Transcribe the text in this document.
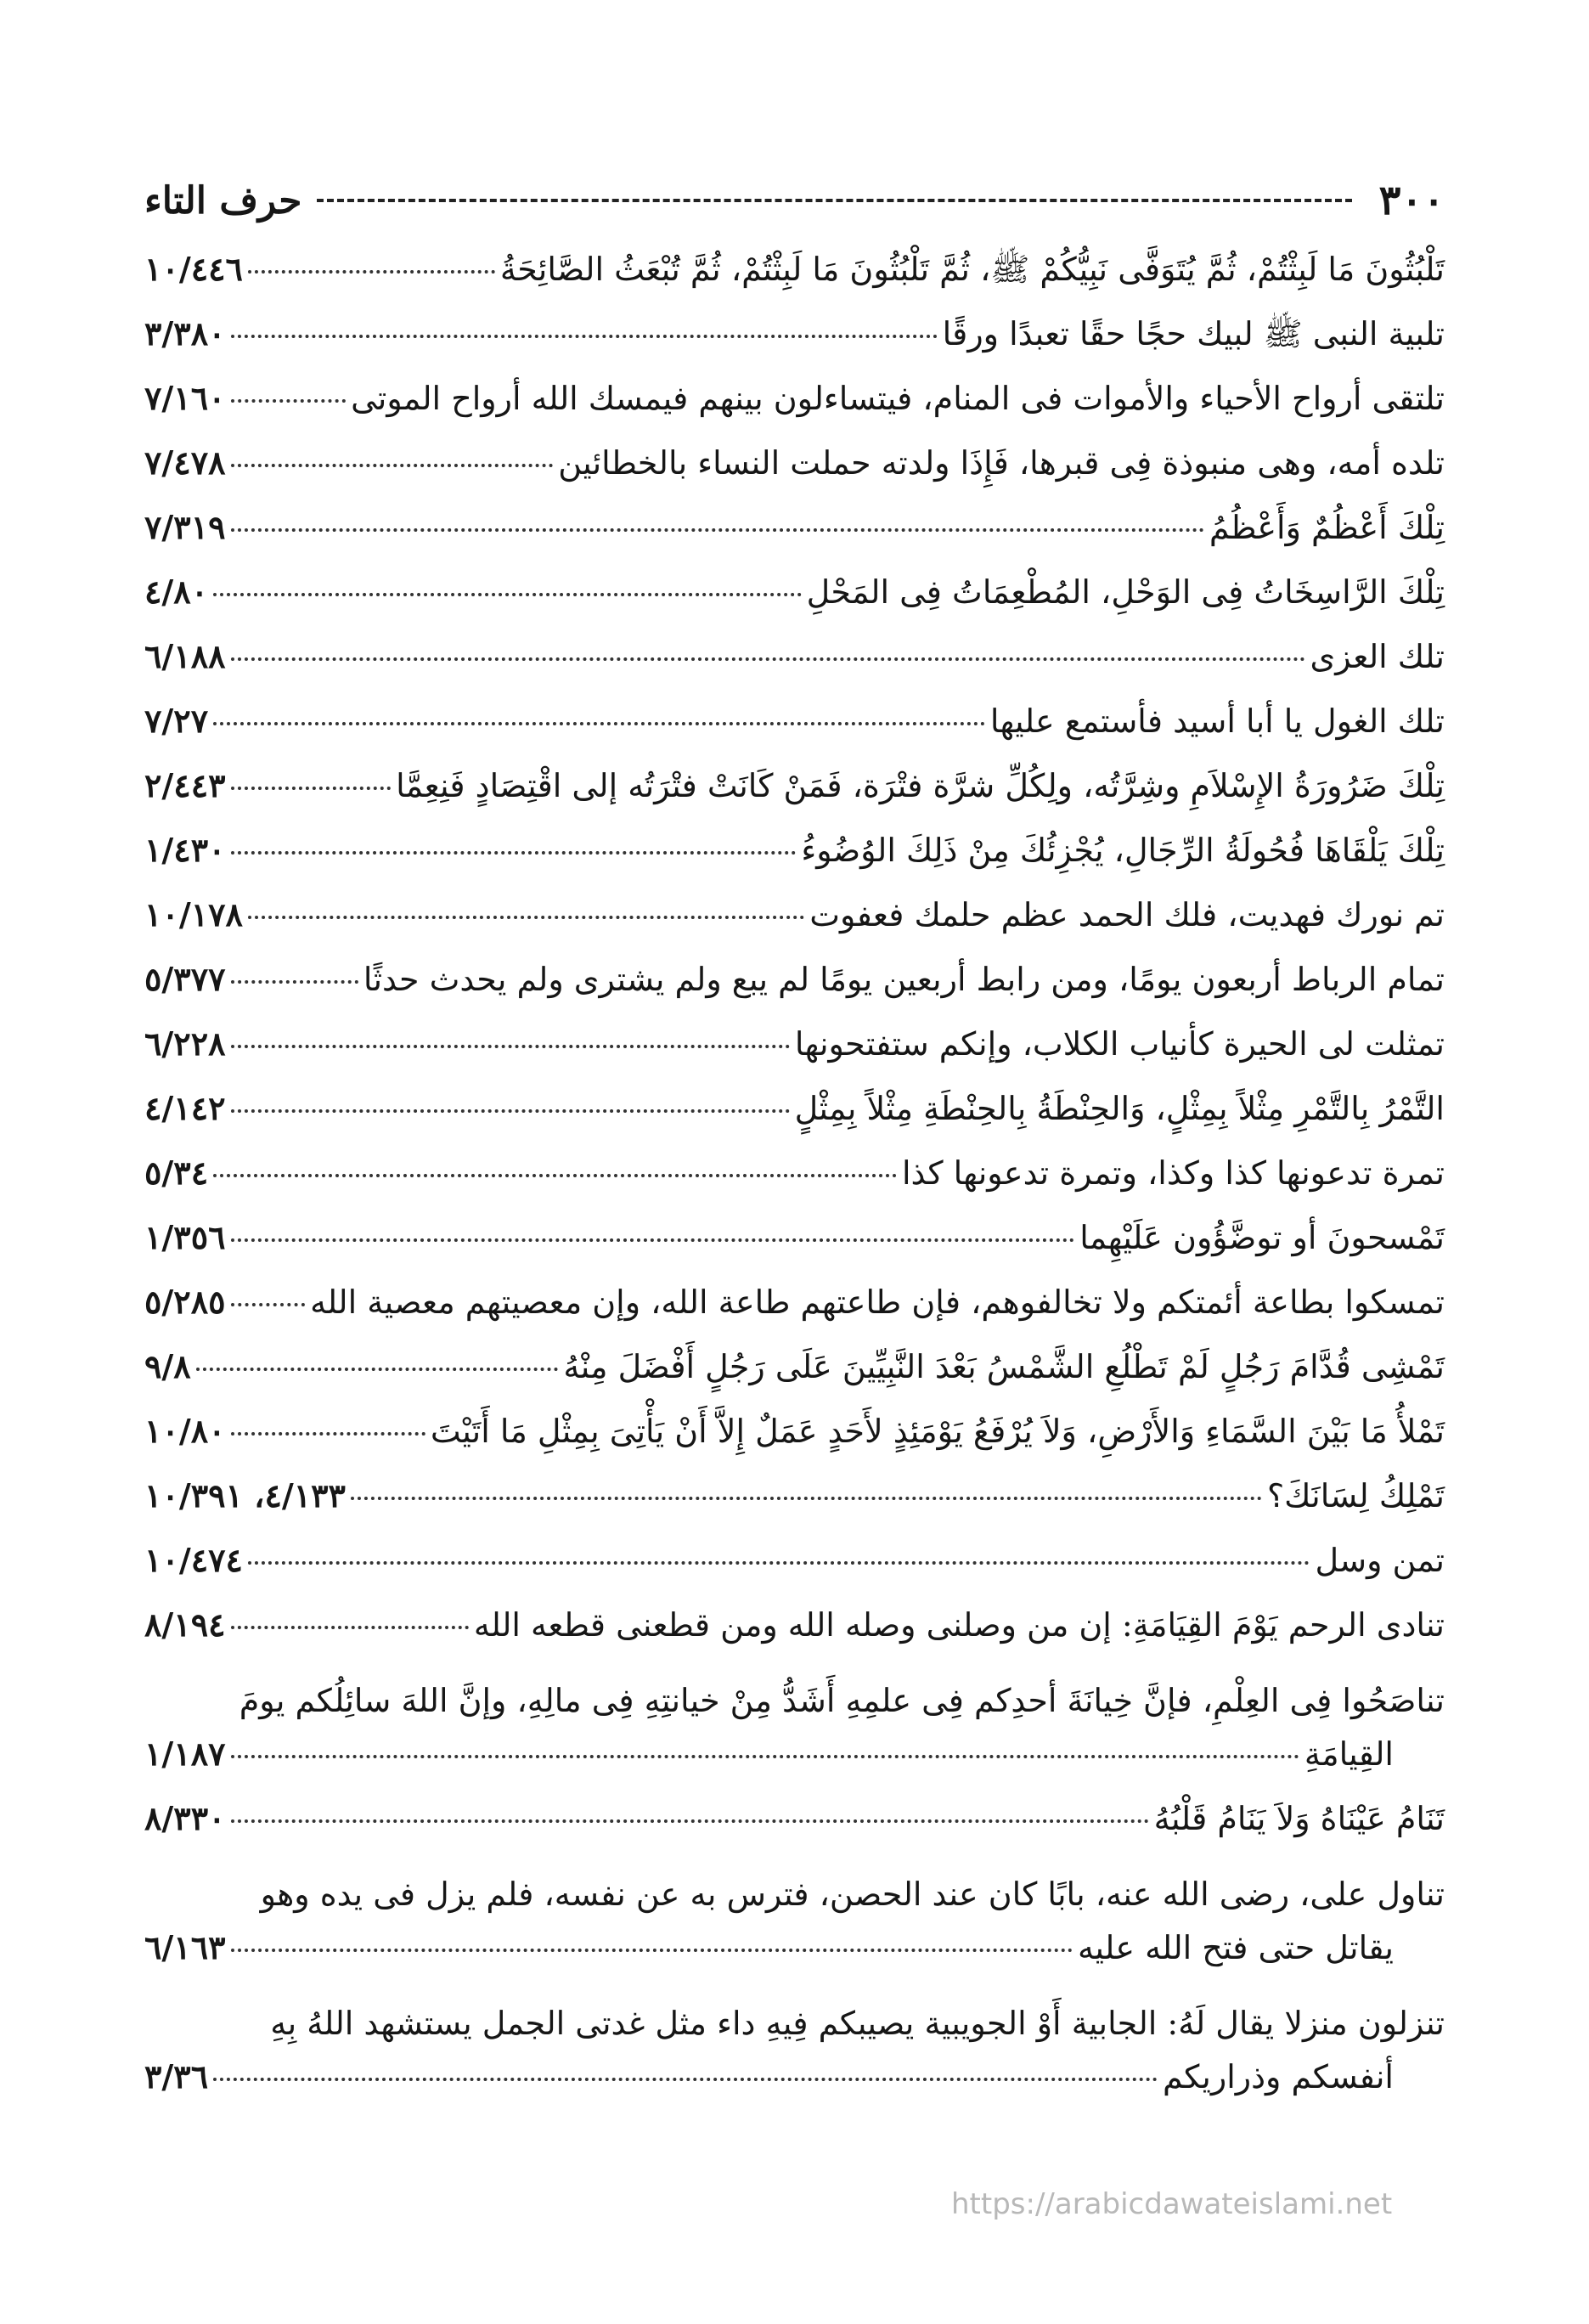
٣٠٠
حرف التاء
تَلْبُثُونَ مَا لَبِثْتُمْ، ثُمَّ يُتَوَفَّى نَبِيُّكُمْ ﷺ، ثُمَّ تَلْبُثُونَ مَا لَبِثْتُمْ، ثُمَّ تُبْعَثُ الصَّائِحَةُ
١٠/٤٤٦
تلبية النبى ﷺ لبيك حجًا حقًا تعبدًا ورقًا
٣/٣٨٠
تلتقى أرواح الأحياء والأموات فى المنام، فيتساءلون بينهم فيمسك الله أرواح الموتى
٧/١٦٠
تلده أمه، وهى منبوذة فِى قبرها، فَإِذَا ولدته حملت النساء بالخطائين
٧/٤٧٨
تِلْكَ أَعْظُمٌ وَأَعْظُمُ
٧/٣١٩
تِلْكَ الرَّاسِخَاتُ فِى الوَحْلِ، المُطْعِمَاتُ فِى المَحْلِ
٤/٨٠
تلك العزى
٦/١٨٨
تلك الغول يا أبا أسيد فأستمع عليها
٧/٢٧
تِلْكَ ضَرُورَةُ الإِسْلاَمِ وشِرَّتُه، ولِكُلِّ شرَّة فتْرَة، فَمَنْ كَانَتْ فتْرَتُه إلى اقْتِصَادٍ فَنِعِمَّا
٢/٤٤٣
تِلْكَ يَلْقَاهَا فُحُولَةُ الرِّجَالِ، يُجْزِئُكَ مِنْ ذَلِكَ الوُضُوءُ
١/٤٣٠
تم نورك فهديت، فلك الحمد عظم حلمك فعفوت
١٠/١٧٨
تمام الرباط أربعون يومًا، ومن رابط أربعين يومًا لم يبع ولم يشترى ولم يحدث حدثًا
٥/٣٧٧
تمثلت لى الحيرة كأنياب الكلاب، وإنكم ستفتحونها
٦/٢٢٨
التَّمْرُ بِالتَّمْرِ مِثْلاً بِمِثْلٍ، وَالحِنْطَةُ بِالحِنْطَةِ مِثْلاً بِمِثْلٍ
٤/١٤٢
تمرة تدعونها كذا وكذا، وتمرة تدعونها كذا
٥/٣٤
تَمْسحونَ أو توضَّؤُون عَلَيْهِما
١/٣٥٦
تمسكوا بطاعة أئمتكم ولا تخالفوهم، فإن طاعتهم طاعة الله، وإن معصيتهم معصية الله
٥/٢٨٥
تَمْشِى قُدَّامَ رَجُلٍ لَمْ تَطْلُعِ الشَّمْسُ بَعْدَ النَّبِيِّينَ عَلَى رَجُلٍ أَفْضَلَ مِنْهُ
٩/٨
تَمْلأُ مَا بَيْنَ السَّمَاءِ وَالأَرْضِ، وَلاَ يُرْفَعُ يَوْمَئِذٍ لأَحَدٍ عَمَلٌ إِلاَّ أَنْ يَأْتِىَ بِمِثْلِ مَا أَتَيْتَ
١٠/٨٠
تَمْلِكُ لِسَانَكَ؟
٤/١٣٣، ١٠/٣٩١
تمن وسل
١٠/٤٧٤
تنادى الرحم يَوْمَ القِيَامَةِ: إن من وصلنى وصله الله ومن قطعنى قطعه الله
٨/١٩٤
تناصَحُوا فِى العِلْمِ، فإنَّ خِيانَةَ أحدِكم فِى علمِهِ أَشَدُّ مِنْ خيانتِهِ فِى مالِهِ، وإنَّ اللهَ سائِلُكم يومَ
القِيامَةِ
١/١٨٧
تَنَامُ عَيْنَاهُ وَلاَ يَنَامُ قَلْبُهُ
٨/٣٣٠
تناول على، رضى الله عنه، بابًا كان عند الحصن، فترس به عن نفسه، فلم يزل فى يده وهو
يقاتل حتى فتح الله عليه
٦/١٦٣
تنزلون منزلا يقال لَهُ: الجابية أَوْ الجويبية يصيبكم فِيهِ داء مثل غدتى الجمل يستشهد اللهُ بِهِ
أنفسكم وذراريكم
٣/٣٦
https://arabicdawateislami.net
